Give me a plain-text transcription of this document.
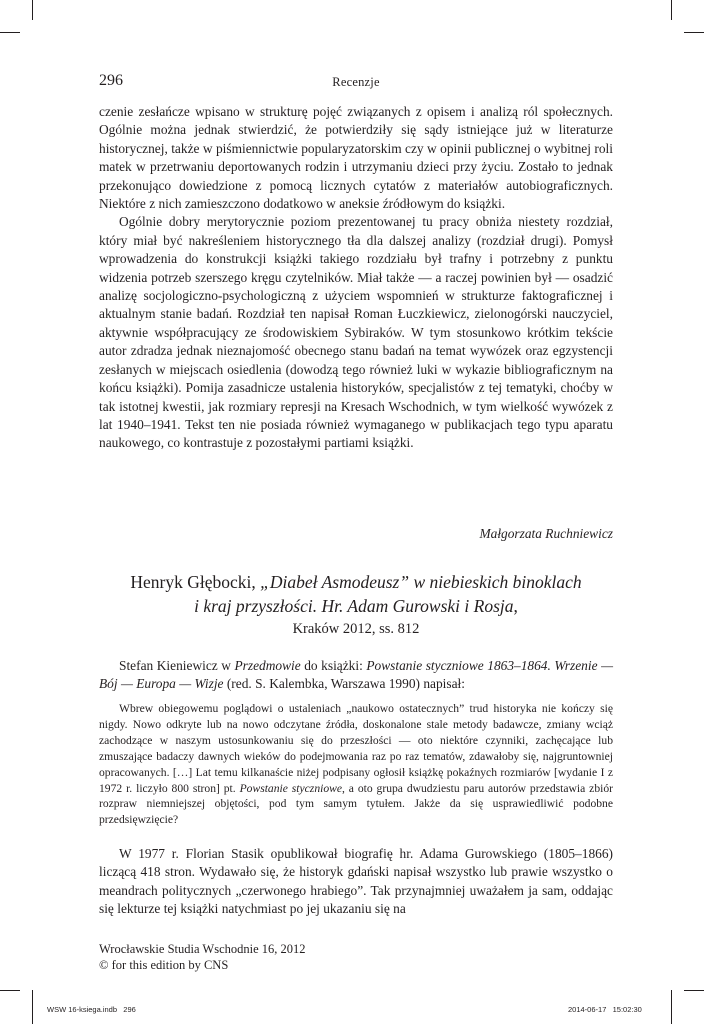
296	Recenzje

czenie zesłańcze wpisano w strukturę pojęć związanych z opisem i analizą ról społecznych. Ogólnie można jednak stwierdzić, że potwierdziły się sądy istniejące już w literaturze historycznej, także w piśmiennictwie popularyzatorskim czy w opinii publicznej o wybitnej roli matek w przetrwaniu deportowanych rodzin i utrzymaniu dzieci przy życiu. Zostało to jednak przekonująco dowiedzione z pomocą licznych cytatów z materiałów autobiograficznych. Niektóre z nich zamieszczono dodatkowo w aneksie źródłowym do książki.

Ogólnie dobry merytorycznie poziom prezentowanej tu pracy obniża niestety rozdział, który miał być nakreśleniem historycznego tła dla dalszej analizy (rozdział drugi). Pomysł wprowadzenia do konstrukcji książki takiego rozdziału był trafny i potrzebny z punktu widzenia potrzeb szerszego kręgu czytelników. Miał także — a raczej powinien był — osadzić analizę socjologiczno-psychologiczną z użyciem wspomnień w strukturze faktograficznej i aktualnym stanie badań. Rozdział ten napisał Roman Łuczkiewicz, zielonogórski nauczyciel, aktywnie współpracujący ze środowiskiem Sybiraków. W tym stosunkowo krótkim tekście autor zdradza jednak nieznajomość obecnego stanu badań na temat wywózek oraz egzystencji zesłanych w miejscach osiedlenia (dowodzą tego również luki w wykazie bibliograficznym na końcu książki). Pomija zasadnicze ustalenia historyków, specjalistów z tej tematyki, choćby w tak istotnej kwestii, jak rozmiary represji na Kresach Wschodnich, w tym wielkość wywózek z lat 1940–1941. Tekst ten nie posiada również wymaganego w publikacjach tego typu aparatu naukowego, co kontrastuje z pozostałymi partiami książki.

Małgorzata Ruchniewicz
Henryk Głębocki, „Diabeł Asmodeusz” w niebieskich binoklach
i kraj przyszłości. Hr. Adam Gurowski i Rosja,
Kraków 2012, ss. 812

Stefan Kieniewicz w Przedmowie do książki: Powstanie styczniowe 1863–1864. Wrzenie — Bój — Europa — Wizje (red. S. Kalembka, Warszawa 1990) napisał:

Wbrew obiegowemu poglądowi o ustaleniach „naukowo ostatecznych” trud historyka nie kończy się nigdy. Nowo odkryte lub na nowo odczytane źródła, doskonalone stale metody badawcze, zmiany wciąż zachodzące w naszym ustosunkowaniu się do przeszłości — oto niektóre czynniki, zachęcające lub zmuszające badaczy dawnych wieków do podejmowania raz po raz tematów, zdawałoby się, najgruntowniej opracowanych. […] Lat temu kilkanaście niżej podpisany ogłosił książkę pokaźnych rozmiarów [wydanie I z 1972 r. liczyło 800 stron] pt. Powstanie styczniowe, a oto grupa dwudziestu paru autorów przedstawia zbiór rozpraw niemniejszej objętości, pod tym samym tytułem. Jakże da się usprawiedliwić podobne przedsięwzięcie?

W 1977 r. Florian Stasik opublikował biografię hr. Adama Gurowskiego (1805–1866) liczącą 418 stron. Wydawało się, że historyk gdański napisał wszystko lub prawie wszystko o meandrach politycznych „czerwonego hrabiego”. Tak przynajmniej uważałem ja sam, oddając się lekturze tej książki natychmiast po jej ukazaniu się na

Wrocławskie Studia Wschodnie 16, 2012
© for this edition by CNS
WSW 16-ksiega.indb   296	2014-06-17   15:02:30
